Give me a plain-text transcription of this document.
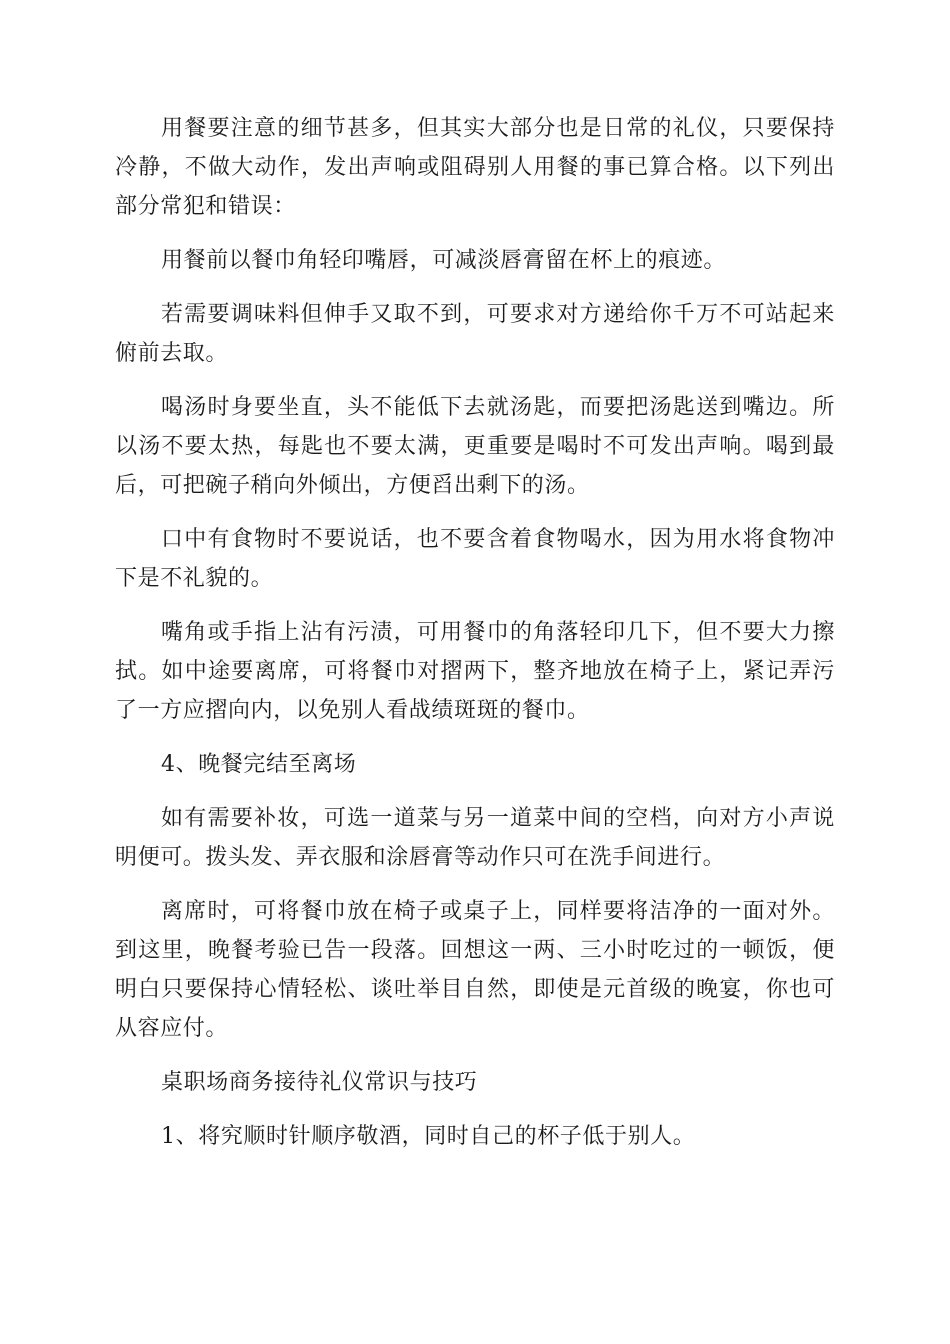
用餐要注意的细节甚多，但其实大部分也是日常的礼仪，只要保持冷静，不做大动作，发出声响或阻碍别人用餐的事已算合格。以下列出部分常犯和错误：

用餐前以餐巾角轻印嘴唇，可减淡唇膏留在杯上的痕迹。

若需要调味料但伸手又取不到，可要求对方递给你千万不可站起来俯前去取。

喝汤时身要坐直，头不能低下去就汤匙，而要把汤匙送到嘴边。所以汤不要太热，每匙也不要太满，更重要是喝时不可发出声响。喝到最后，可把碗子稍向外倾出，方便舀出剩下的汤。

口中有食物时不要说话，也不要含着食物喝水，因为用水将食物冲下是不礼貌的。

嘴角或手指上沾有污渍，可用餐巾的角落轻印几下，但不要大力擦拭。如中途要离席，可将餐巾对摺两下，整齐地放在椅子上，紧记弄污了一方应摺向内，以免别人看战绩斑斑的餐巾。

4、晚餐完结至离场

如有需要补妆，可选一道菜与另一道菜中间的空档，向对方小声说明便可。拨头发、弄衣服和涂唇膏等动作只可在洗手间进行。

离席时，可将餐巾放在椅子或桌子上，同样要将洁净的一面对外。到这里，晚餐考验已告一段落。回想这一两、三小时吃过的一顿饭，便明白只要保持心情轻松、谈吐举目自然，即使是元首级的晚宴，你也可从容应付。

桌职场商务接待礼仪常识与技巧

1、将究顺时针顺序敬酒，同时自己的杯子低于别人。
